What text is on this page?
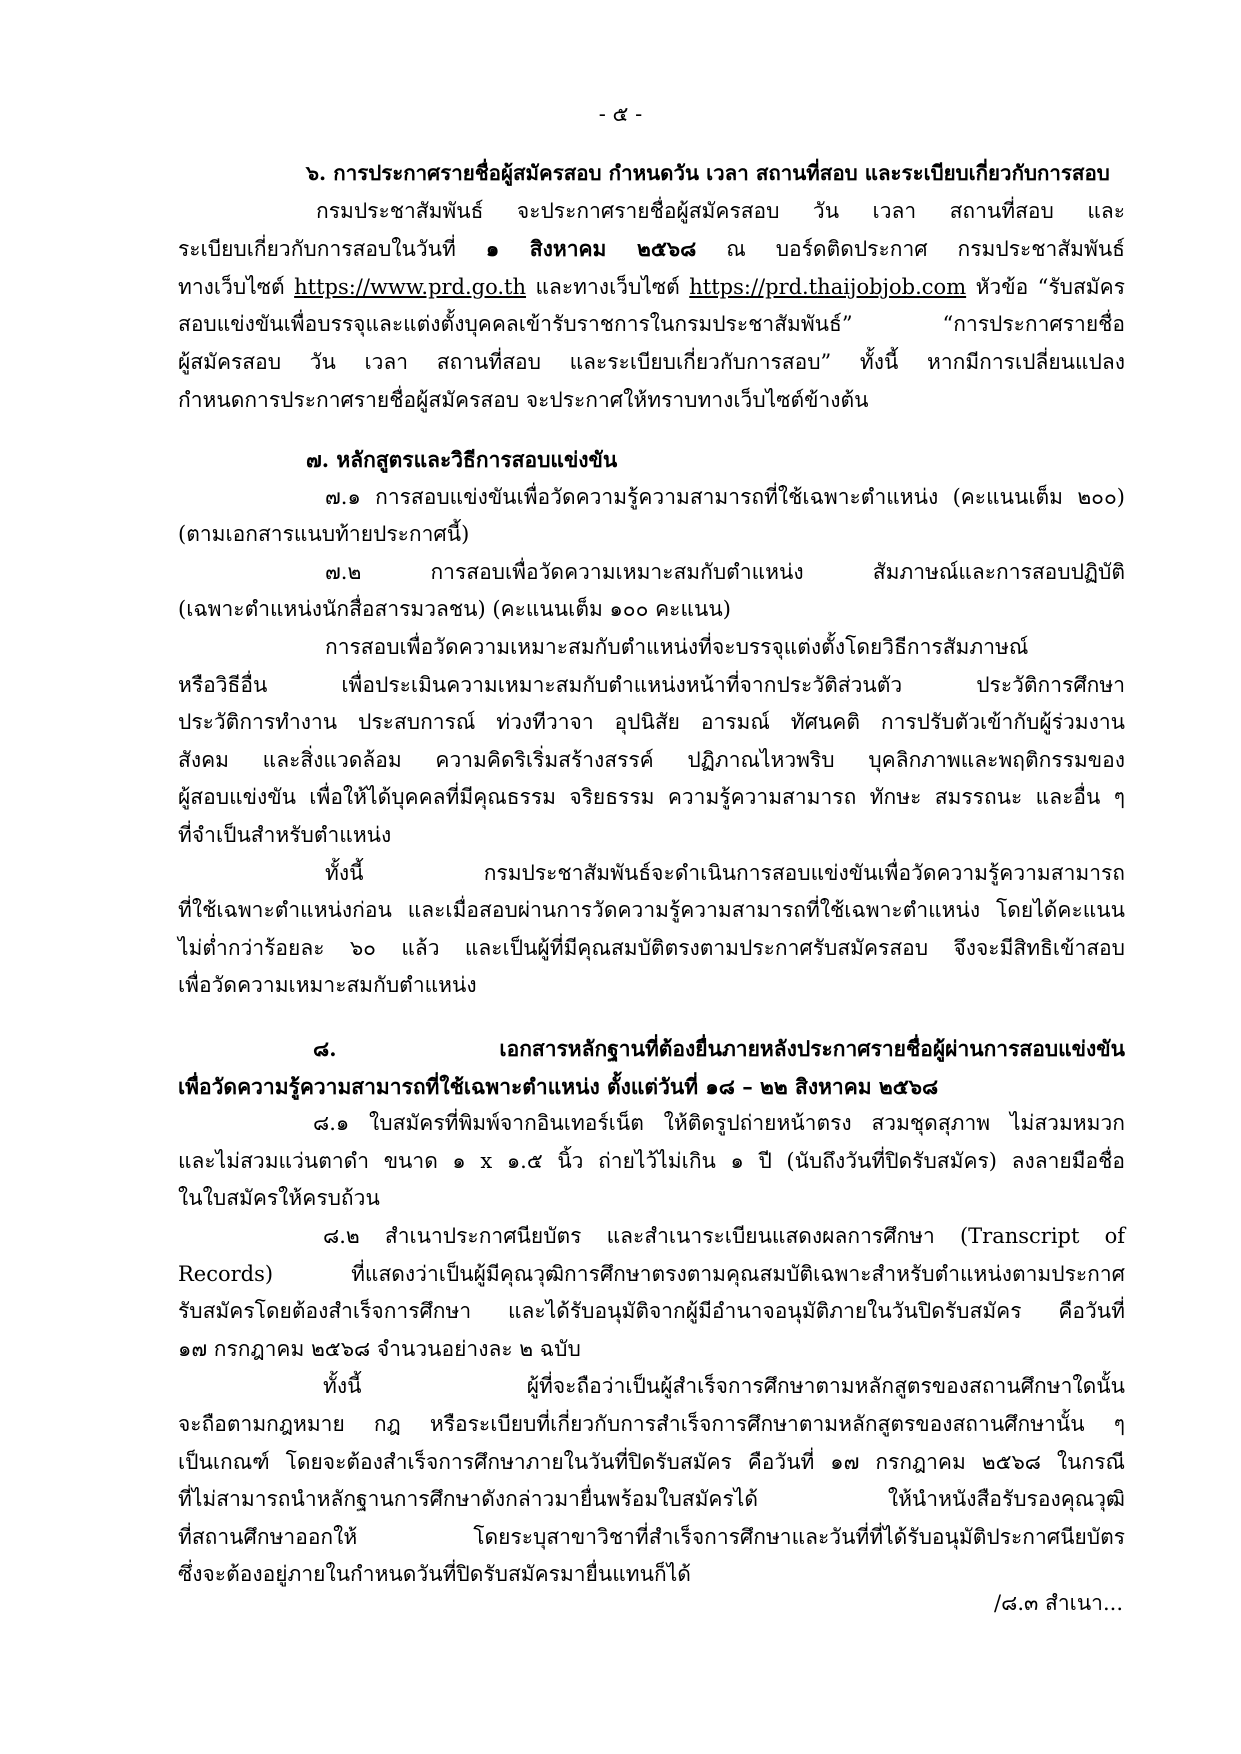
- ๕ -
๖. การประกาศรายชื่อผู้สมัครสอบ กำหนดวัน เวลา สถานที่สอบ และระเบียบเกี่ยวกับการสอบ
กรมประชาสัมพันธ์ จะประกาศรายชื่อผู้สมัครสอบ วัน เวลา สถานที่สอบ และ
ระเบียบเกี่ยวกับการสอบในวันที่ ๑ สิงหาคม ๒๕๖๘ ณ บอร์ดติดประกาศ กรมประชาสัมพันธ์
ทางเว็บไซต์ https://www.prd.go.th และทางเว็บไซต์ https://prd.thaijobjob.com หัวข้อ “รับสมัคร
สอบแข่งขันเพื่อบรรจุและแต่งตั้งบุคคลเข้ารับราชการในกรมประชาสัมพันธ์” “การประกาศรายชื่อ
ผู้สมัครสอบ วัน เวลา สถานที่สอบ และระเบียบเกี่ยวกับการสอบ” ทั้งนี้ หากมีการเปลี่ยนแปลง
กำหนดการประกาศรายชื่อผู้สมัครสอบ จะประกาศให้ทราบทางเว็บไซต์ข้างต้น
๗. หลักสูตรและวิธีการสอบแข่งขัน
๗.๑ การสอบแข่งขันเพื่อวัดความรู้ความสามารถที่ใช้เฉพาะตำแหน่ง (คะแนนเต็ม ๒๐๐)
(ตามเอกสารแนบท้ายประกาศนี้)
๗.๒ การสอบเพื่อวัดความเหมาะสมกับตำแหน่ง สัมภาษณ์และการสอบปฏิบัติ
(เฉพาะตำแหน่งนักสื่อสารมวลชน) (คะแนนเต็ม ๑๐๐ คะแนน)
การสอบเพื่อวัดความเหมาะสมกับตำแหน่งที่จะบรรจุแต่งตั้งโดยวิธีการสัมภาษณ์
หรือวิธีอื่น เพื่อประเมินความเหมาะสมกับตำแหน่งหน้าที่จากประวัติส่วนตัว ประวัติการศึกษา
ประวัติการทำงาน ประสบการณ์ ท่วงทีวาจา อุปนิสัย อารมณ์ ทัศนคติ การปรับตัวเข้ากับผู้ร่วมงาน
สังคม และสิ่งแวดล้อม ความคิดริเริ่มสร้างสรรค์ ปฏิภาณไหวพริบ บุคลิกภาพและพฤติกรรมของ
ผู้สอบแข่งขัน เพื่อให้ได้บุคคลที่มีคุณธรรม จริยธรรม ความรู้ความสามารถ ทักษะ สมรรถนะ และอื่น ๆ
ที่จำเป็นสำหรับตำแหน่ง
ทั้งนี้ กรมประชาสัมพันธ์จะดำเนินการสอบแข่งขันเพื่อวัดความรู้ความสามารถ
ที่ใช้เฉพาะตำแหน่งก่อน และเมื่อสอบผ่านการวัดความรู้ความสามารถที่ใช้เฉพาะตำแหน่ง โดยได้คะแนน
ไม่ต่ำกว่าร้อยละ ๖๐ แล้ว และเป็นผู้ที่มีคุณสมบัติตรงตามประกาศรับสมัครสอบ จึงจะมีสิทธิเข้าสอบ
เพื่อวัดความเหมาะสมกับตำแหน่ง
๘. เอกสารหลักฐานที่ต้องยื่นภายหลังประกาศรายชื่อผู้ผ่านการสอบแข่งขัน
เพื่อวัดความรู้ความสามารถที่ใช้เฉพาะตำแหน่ง ตั้งแต่วันที่ ๑๘ – ๒๒ สิงหาคม ๒๕๖๘
๘.๑ ใบสมัครที่พิมพ์จากอินเทอร์เน็ต ให้ติดรูปถ่ายหน้าตรง สวมชุดสุภาพ ไม่สวมหมวก
และไม่สวมแว่นตาดำ ขนาด ๑ x ๑.๕ นิ้ว ถ่ายไว้ไม่เกิน ๑ ปี (นับถึงวันที่ปิดรับสมัคร) ลงลายมือชื่อ
ในใบสมัครให้ครบถ้วน
๘.๒ สำเนาประกาศนียบัตร และสำเนาระเบียนแสดงผลการศึกษา (Transcript of
Records) ที่แสดงว่าเป็นผู้มีคุณวุฒิการศึกษาตรงตามคุณสมบัติเฉพาะสำหรับตำแหน่งตามประกาศ
รับสมัครโดยต้องสำเร็จการศึกษา และได้รับอนุมัติจากผู้มีอำนาจอนุมัติภายในวันปิดรับสมัคร คือวันที่
๑๗ กรกฎาคม ๒๕๖๘ จำนวนอย่างละ ๒ ฉบับ
ทั้งนี้ ผู้ที่จะถือว่าเป็นผู้สำเร็จการศึกษาตามหลักสูตรของสถานศึกษาใดนั้น
จะถือตามกฎหมาย กฎ หรือระเบียบที่เกี่ยวกับการสำเร็จการศึกษาตามหลักสูตรของสถานศึกษานั้น ๆ
เป็นเกณฑ์ โดยจะต้องสำเร็จการศึกษาภายในวันที่ปิดรับสมัคร คือวันที่ ๑๗ กรกฎาคม ๒๕๖๘ ในกรณี
ที่ไม่สามารถนำหลักฐานการศึกษาดังกล่าวมายื่นพร้อมใบสมัครได้ ให้นำหนังสือรับรองคุณวุฒิ
ที่สถานศึกษาออกให้ โดยระบุสาขาวิชาที่สำเร็จการศึกษาและวันที่ที่ได้รับอนุมัติประกาศนียบัตร
ซึ่งจะต้องอยู่ภายในกำหนดวันที่ปิดรับสมัครมายื่นแทนก็ได้
/๘.๓ สำเนา...
